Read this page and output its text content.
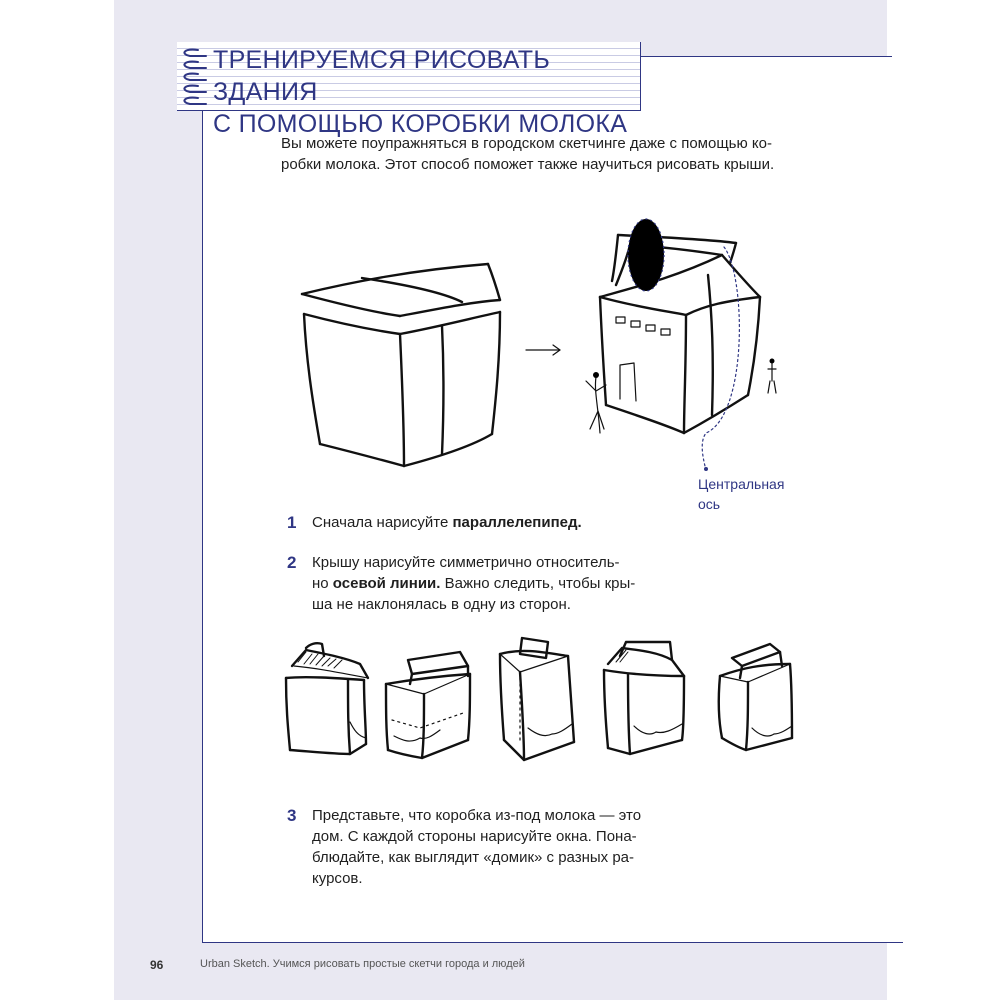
ТРЕНИРУЕМСЯ РИСОВАТЬ ЗДАНИЯ
С ПОМОЩЬЮ КОРОБКИ МОЛОКА

Вы можете поупражняться в городском скетчинге даже с помощью ко-
робки молока. Этот способ поможет также научиться рисовать крыши.

Центральная
ось
1 Сначала нарисуйте параллелепипед.
2 Крышу нарисуйте симметрично относитель-
но осевой линии. Важно следить, чтобы кры-
ша не наклонялась в одну из сторон.
3 Представьте, что коробка из-под молока — это
дом. С каждой стороны нарисуйте окна. Пона-
блюдайте, как выглядит «домик» с разных ра-
курсов.
96	Urban Sketch. Учимся рисовать простые скетчи города и людей
